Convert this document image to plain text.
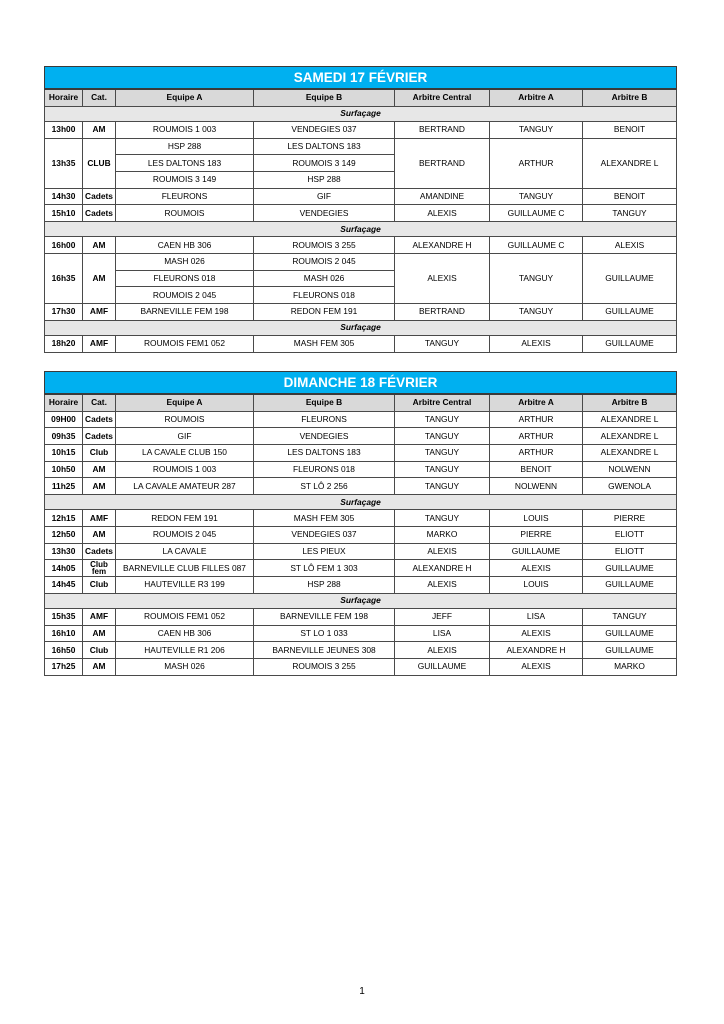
SAMEDI 17 FÉVRIER						
Horaire	Cat.	Equipe A	Equipe B	Arbitre Central	Arbitre A	Arbitre B
Surfaçage						
13h00	AM	ROUMOIS 1 003	VENDEGIES 037	BERTRAND	TANGUY	BENOIT
13h35	CLUB	HSP 288	LES DALTONS 183	BERTRAND	ARTHUR	ALEXANDRE L
		LES DALTONS 183	ROUMOIS 3 149			
		ROUMOIS 3 149	HSP 288			
14h30	Cadets	FLEURONS	GIF	AMANDINE	TANGUY	BENOIT
15h10	Cadets	ROUMOIS	VENDEGIES	ALEXIS	GUILLAUME C	TANGUY
Surfaçage						
16h00	AM	CAEN HB 306	ROUMOIS 3 255	ALEXANDRE H	GUILLAUME C	ALEXIS
16h35	AM	MASH 026	ROUMOIS 2 045	ALEXIS	TANGUY	GUILLAUME
		FLEURONS 018	MASH 026			
		ROUMOIS 2 045	FLEURONS 018			
17h30	AMF	BARNEVILLE FEM 198	REDON FEM 191	BERTRAND	TANGUY	GUILLAUME
Surfaçage						
18h20	AMF	ROUMOIS FEM1 052	MASH FEM 305	TANGUY	ALEXIS	GUILLAUME
DIMANCHE 18 FÉVRIER						
Horaire	Cat.	Equipe A	Equipe B	Arbitre Central	Arbitre A	Arbitre B
09H00	Cadets	ROUMOIS	FLEURONS	TANGUY	ARTHUR	ALEXANDRE L
09h35	Cadets	GIF	VENDEGIES	TANGUY	ARTHUR	ALEXANDRE L
10h15	Club	LA CAVALE CLUB 150	LES DALTONS 183	TANGUY	ARTHUR	ALEXANDRE L
10h50	AM	ROUMOIS 1 003	FLEURONS 018	TANGUY	BENOIT	NOLWENN
11h25	AM	LA CAVALE AMATEUR 287	ST LÔ 2 256	TANGUY	NOLWENN	GWENOLA
Surfaçage						
12h15	AMF	REDON FEM 191	MASH FEM 305	TANGUY	LOUIS	PIERRE
12h50	AM	ROUMOIS 2 045	VENDEGIES 037	MARKO	PIERRE	ELIOTT
13h30	Cadets	LA CAVALE	LES PIEUX	ALEXIS	GUILLAUME	ELIOTT
14h05	Club fem	BARNEVILLE CLUB FILLES 087	ST LÔ FEM 1 303	ALEXANDRE H	ALEXIS	GUILLAUME
14h45	Club	HAUTEVILLE R3 199	HSP 288	ALEXIS	LOUIS	GUILLAUME
Surfaçage						
15h35	AMF	ROUMOIS FEM1 052	BARNEVILLE FEM 198	JEFF	LISA	TANGUY
16h10	AM	CAEN HB 306	ST LO 1 033	LISA	ALEXIS	GUILLAUME
16h50	Club	HAUTEVILLE R1 206	BARNEVILLE JEUNES 308	ALEXIS	ALEXANDRE H	GUILLAUME
17h25	AM	MASH 026	ROUMOIS 3 255	GUILLAUME	ALEXIS	MARKO
1
